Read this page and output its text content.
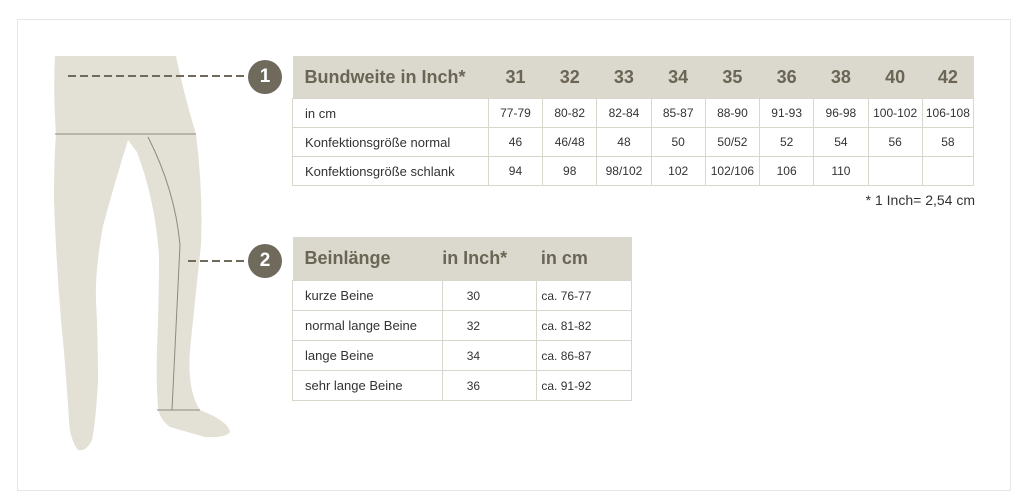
1
2
Bundweite in Inch*	31	32	33	34	35	36	38	40	42
in cm	77-79	80-82	82-84	85-87	88-90	91-93	96-98	100-102	106-108
Konfektionsgröße normal	46	46/48	48	50	50/52	52	54	56	58
Konfektionsgröße schlank	94	98	98/102	102	102/106	106	110		
* 1 Inch= 2,54 cm
Beinlänge	in Inch*	in cm
kurze Beine	30	ca. 76-77
normal lange Beine	32	ca. 81-82
lange Beine	34	ca. 86-87
sehr lange Beine	36	ca. 91-92
